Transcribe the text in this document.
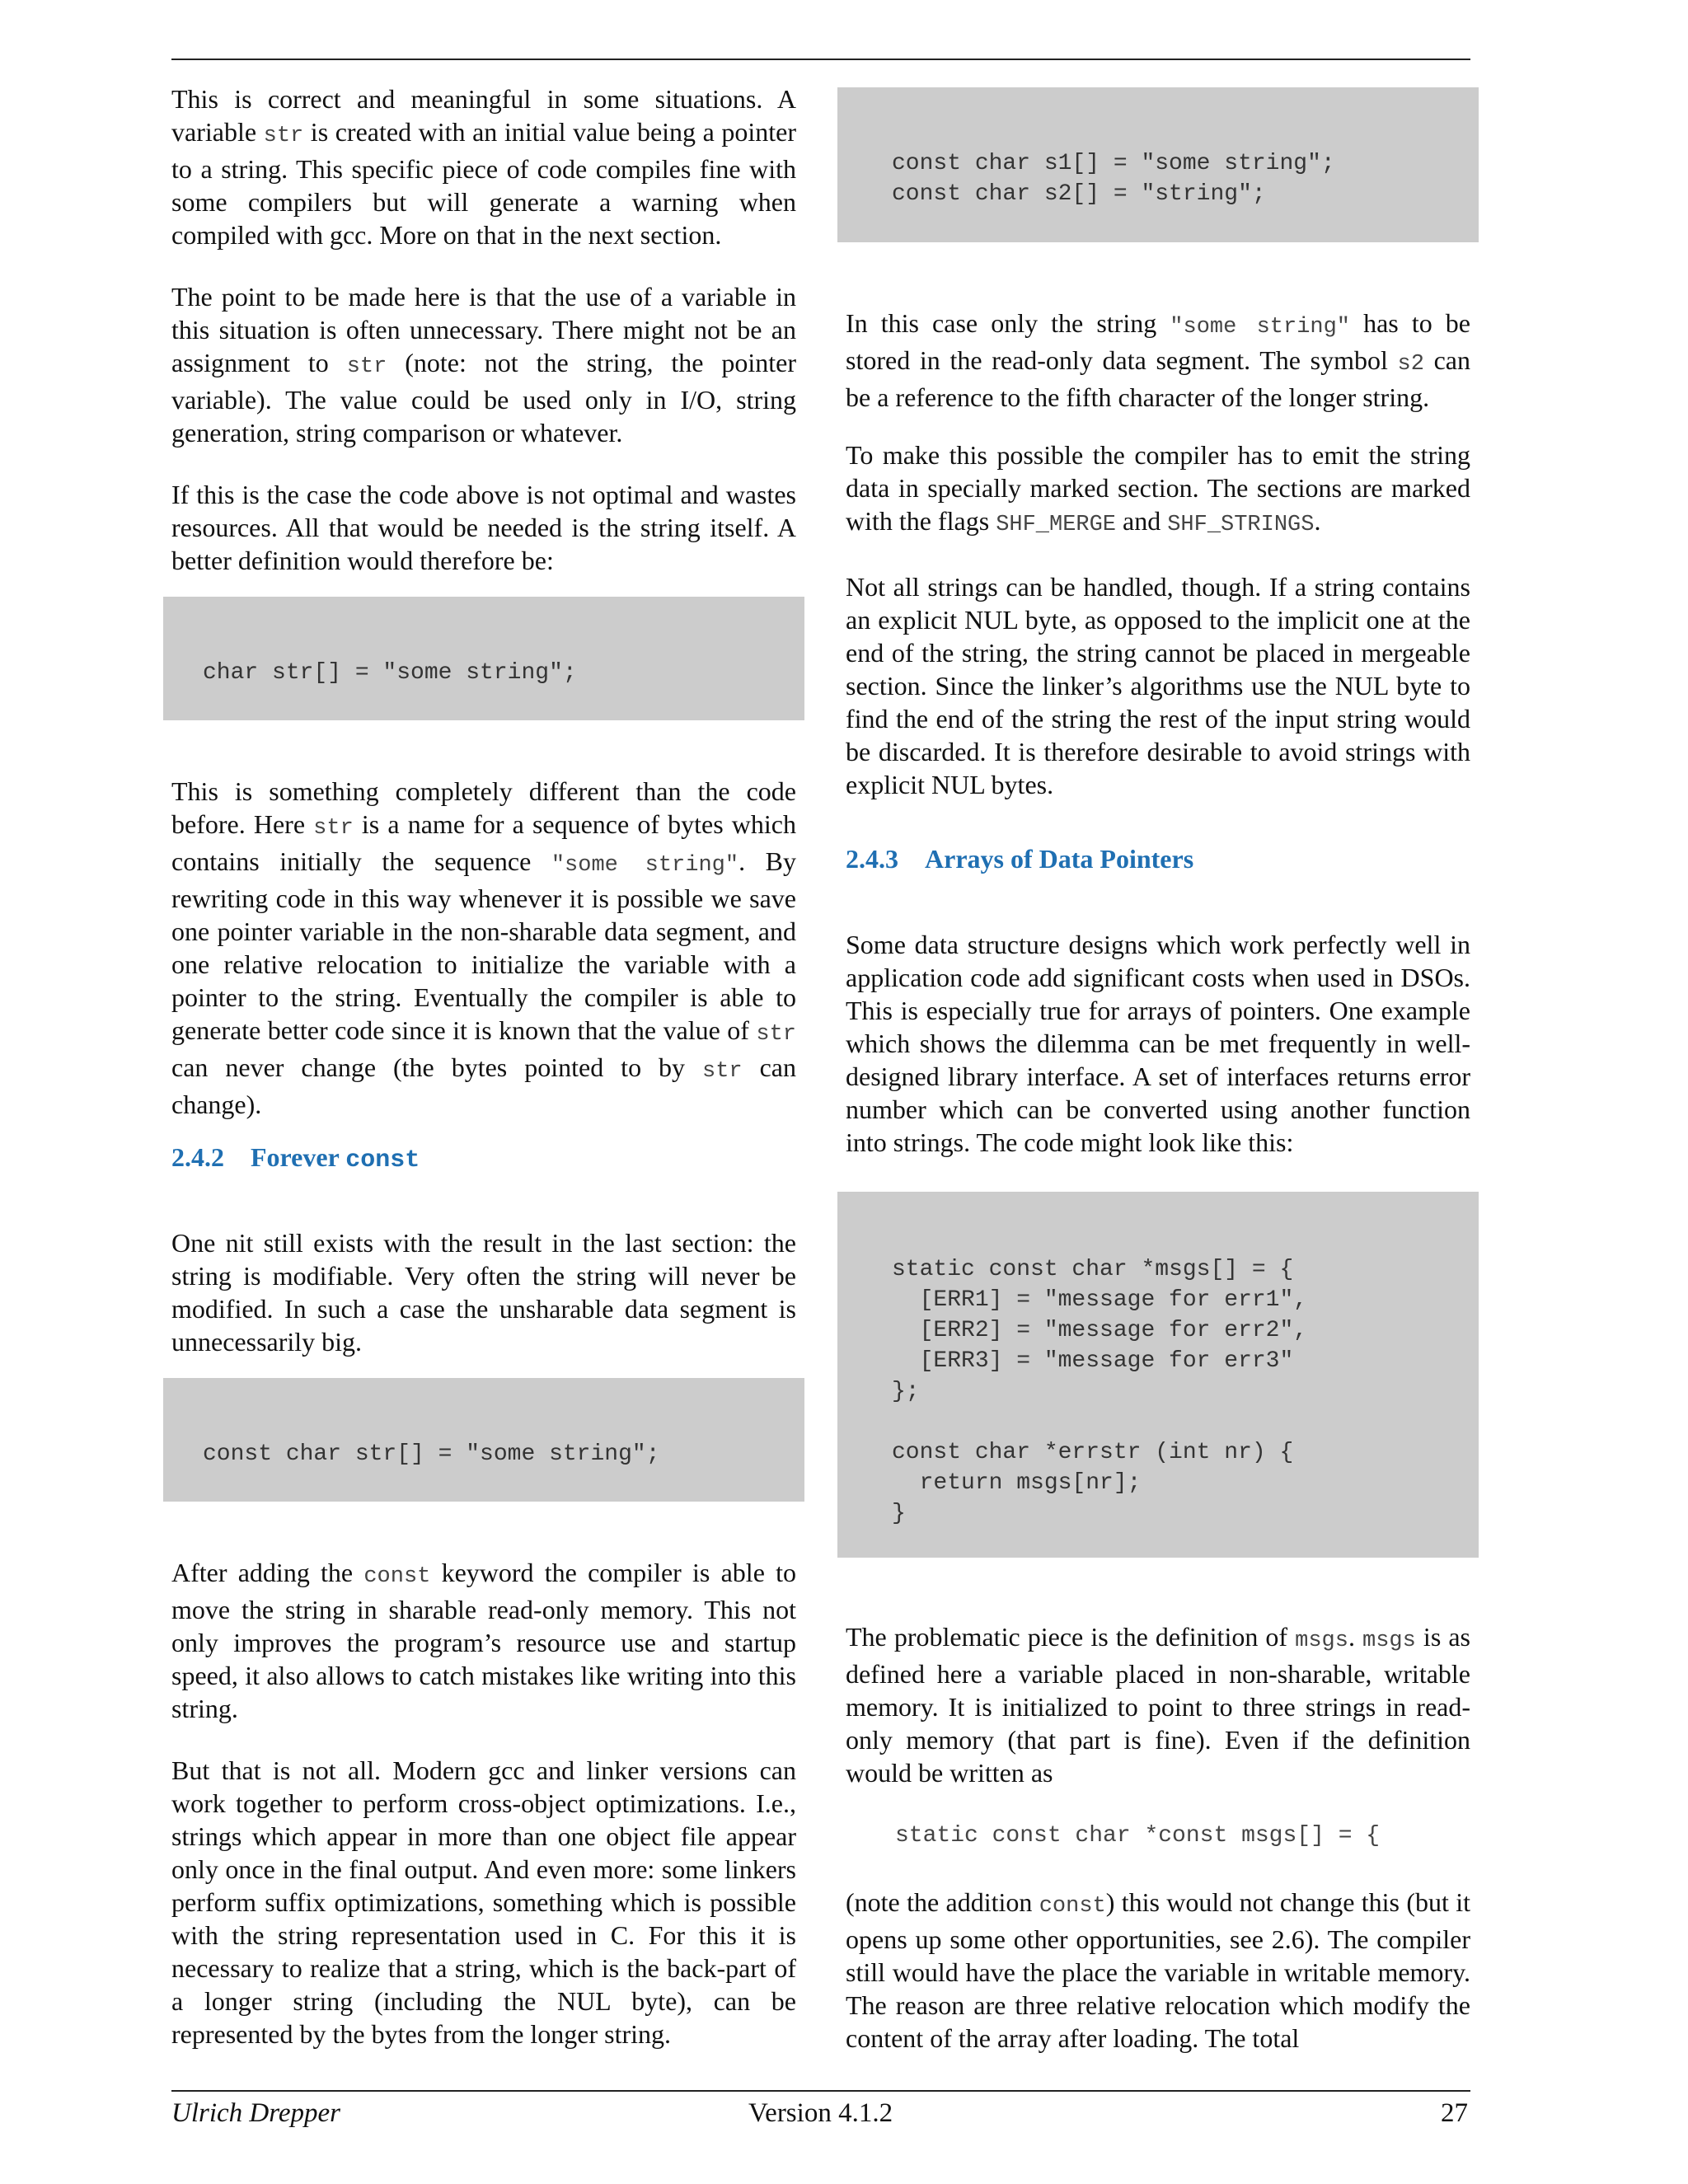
This is correct and meaningful in some situations. A variable str is created with an initial value being a pointer to a string. This specific piece of code compiles fine with some compilers but will generate a warning when compiled with gcc. More on that in the next section.

The point to be made here is that the use of a variable in this situation is often unnecessary. There might not be an assignment to str (note: not the string, the pointer variable). The value could be used only in I/O, string generation, string comparison or whatever.

If this is the case the code above is not optimal and wastes resources. All that would be needed is the string itself. A better definition would therefore be:

char str[] = "some string";

This is something completely different than the code before. Here str is a name for a sequence of bytes which contains initially the sequence "some string". By rewriting code in this way whenever it is possible we save one pointer variable in the non-sharable data segment, and one relative relocation to initialize the variable with a pointer to the string. Eventually the compiler is able to generate better code since it is known that the value of str can never change (the bytes pointed to by str can change).

2.4.2 Forever const

One nit still exists with the result in the last section: the string is modifiable. Very often the string will never be modified. In such a case the unsharable data segment is unnecessarily big.

const char str[] = "some string";

After adding the const keyword the compiler is able to move the string in sharable read-only memory. This not only improves the program’s resource use and startup speed, it also allows to catch mistakes like writing into this string.

But that is not all. Modern gcc and linker versions can work together to perform cross-object optimizations. I.e., strings which appear in more than one object file appear only once in the final output. And even more: some linkers perform suffix optimizations, something which is possible with the string representation used in C. For this it is necessary to realize that a string, which is the back-part of a longer string (including the NUL byte), can be represented by the bytes from the longer string.

const char s1[] = "some string";
const char s2[] = "string";

In this case only the string "some string" has to be stored in the read-only data segment. The symbol s2 can be a reference to the fifth character of the longer string.

To make this possible the compiler has to emit the string data in specially marked section. The sections are marked with the flags SHF_MERGE and SHF_STRINGS.

Not all strings can be handled, though. If a string contains an explicit NUL byte, as opposed to the implicit one at the end of the string, the string cannot be placed in mergeable section. Since the linker’s algorithms use the NUL byte to find the end of the string the rest of the input string would be discarded. It is therefore desirable to avoid strings with explicit NUL bytes.

2.4.3 Arrays of Data Pointers

Some data structure designs which work perfectly well in application code add significant costs when used in DSOs. This is especially true for arrays of pointers. One example which shows the dilemma can be met frequently in well-designed library interface. A set of interfaces returns error number which can be converted using another function into strings. The code might look like this:

static const char *msgs[] = {
[ERR1] = "message for err1",
[ERR2] = "message for err2",
[ERR3] = "message for err3"
};

const char *errstr (int nr) {
return msgs[nr];
}

The problematic piece is the definition of msgs. msgs is as defined here a variable placed in non-sharable, writable memory. It is initialized to point to three strings in read-only memory (that part is fine). Even if the definition would be written as

static const char *const msgs[] = {

(note the addition const) this would not change this (but it opens up some other opportunities, see 2.6). The compiler still would have the place the variable in writable memory. The reason are three relative relocation which modify the content of the array after loading. The total

Ulrich Drepper	Version 4.1.2	27
